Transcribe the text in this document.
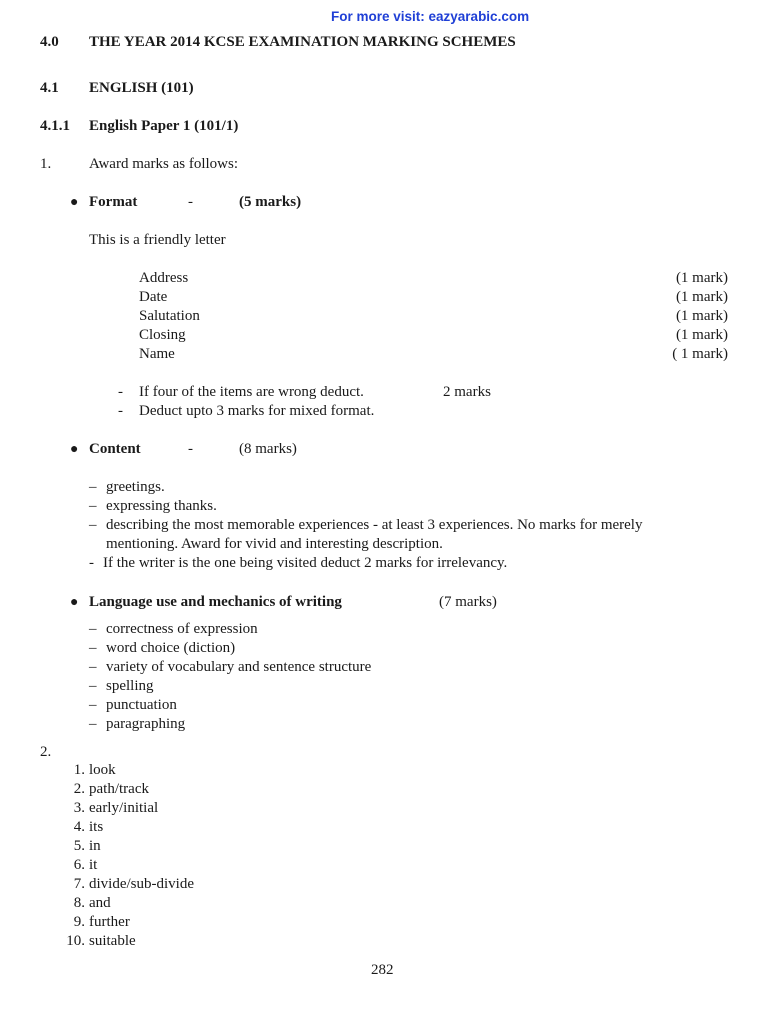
For more visit: eazyarabic.com
4.0 THE YEAR 2014 KCSE EXAMINATION MARKING SCHEMES
4.1 ENGLISH (101)
4.1.1 English Paper 1 (101/1)
1.	Award marks as follows:
● Format	-	(5 marks)
This is a friendly letter
Address	(1 mark)
Date	(1 mark)
Salutation	(1 mark)
Closing	(1 mark)
Name	( 1 mark)
- If four of the items are wrong deduct.	2 marks
- Deduct upto 3 marks for mixed format.
● Content	-	(8 marks)
– greetings.
– expressing thanks.
– describing the most memorable experiences - at least 3 experiences. No marks for merely
mentioning. Award for vivid and interesting description.
- If the writer is the one being visited deduct 2 marks for irrelevancy.
● Language use and mechanics of writing	(7 marks)
– correctness of expression
– word choice (diction)
– variety of vocabulary and sentence structure
– spelling
– punctuation
– paragraphing
2.
1. look
2. path/track
3. early/initial
4. its
5. in
6. it
7. divide/sub-divide
8. and
9. further
10. suitable
282
